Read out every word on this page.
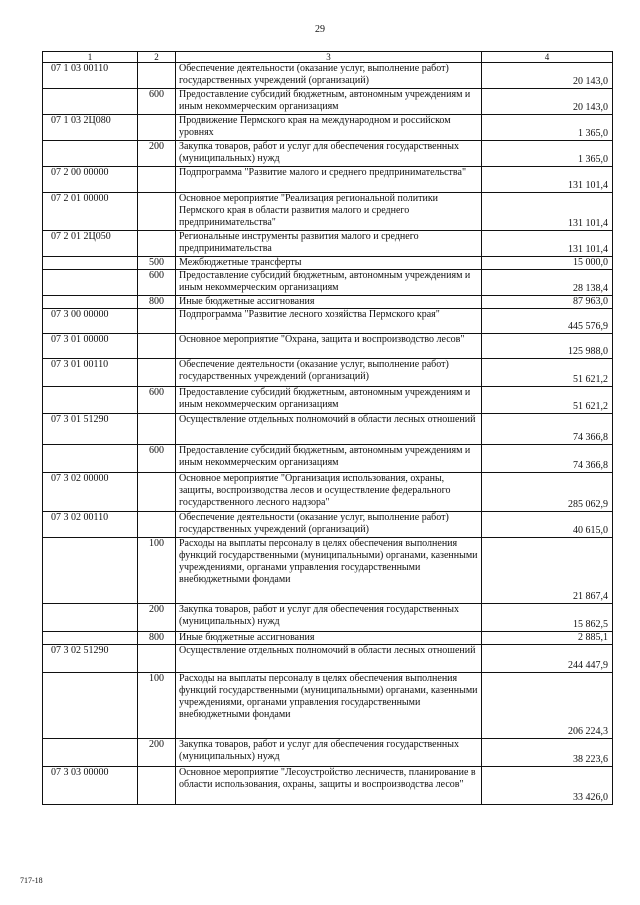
29
1	2	3	4
07 1 03 00110		Обеспечение деятельности (оказание услуг, выполнение работ) государственных учреждений (организаций)	20 143,0
	600	Предоставление субсидий бюджетным, автономным учреждениям и иным некоммерческим организациям	20 143,0
07 1 03 2Ц080		Продвижение Пермского края на международном и российском уровнях	1 365,0
	200	Закупка товаров, работ и услуг для обеспечения государственных (муниципальных) нужд	1 365,0
07 2 00 00000		Подпрограмма "Развитие малого и среднего предпринимательства"	131 101,4
07 2 01 00000		Основное мероприятие "Реализация региональной политики Пермского края в области развития малого и среднего предпринимательства"	131 101,4
07 2 01 2Ц050		Региональные инструменты развития малого и среднего предпринимательства	131 101,4
	500	Межбюджетные трансферты	15 000,0
	600	Предоставление субсидий бюджетным, автономным учреждениям и иным некоммерческим организациям	28 138,4
	800	Иные бюджетные ассигнования	87 963,0
07 3 00 00000		Подпрограмма "Развитие лесного хозяйства Пермского края"	445 576,9
07 3 01 00000		Основное мероприятие "Охрана, защита и воспроизводство лесов"	125 988,0
07 3 01 00110		Обеспечение деятельности (оказание услуг, выполнение работ) государственных учреждений (организаций)	51 621,2
	600	Предоставление субсидий бюджетным, автономным учреждениям и иным некоммерческим организациям	51 621,2
07 3 01 51290		Осуществление отдельных полномочий в области лесных отношений	74 366,8
	600	Предоставление субсидий бюджетным, автономным учреждениям и иным некоммерческим организациям	74 366,8
07 3 02 00000		Основное мероприятие "Организация использования, охраны, защиты, воспроизводства лесов и осуществление федерального государственного лесного надзора"	285 062,9
07 3 02 00110		Обеспечение деятельности (оказание услуг, выполнение работ) государственных учреждений (организаций)	40 615,0
	100	Расходы на выплаты персоналу в целях обеспечения выполнения функций государственными (муниципальными) органами, казенными учреждениями, органами управления государственными внебюджетными фондами	21 867,4
	200	Закупка товаров, работ и услуг для обеспечения государственных (муниципальных) нужд	15 862,5
	800	Иные бюджетные ассигнования	2 885,1
07 3 02 51290		Осуществление отдельных полномочий в области лесных отношений	244 447,9
	100	Расходы на выплаты персоналу в целях обеспечения выполнения функций государственными (муниципальными) органами, казенными учреждениями, органами управления государственными внебюджетными фондами	206 224,3
	200	Закупка товаров, работ и услуг для обеспечения государственных (муниципальных) нужд	38 223,6
07 3 03 00000		Основное мероприятие "Лесоустройство лесничеств, планирование в области использования, охраны, защиты и воспроизводства лесов"	33 426,0
717-18
